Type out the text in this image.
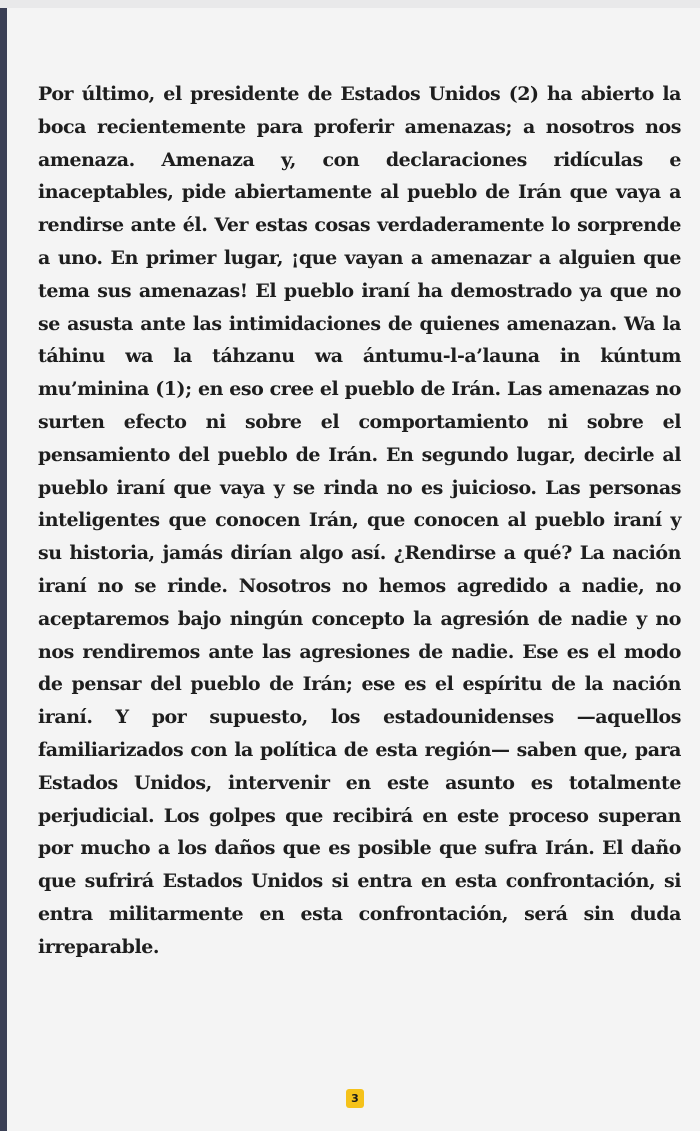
Por último, el presidente de Estados Unidos (2) ha abierto la boca recientemente para proferir amenazas; a nosotros nos amenaza. Amenaza y, con declaraciones ridículas e inaceptables, pide abiertamente al pueblo de Irán que vaya a rendirse ante él. Ver estas cosas verdaderamente lo sorprende a uno. En primer lugar, ¡que vayan a amenazar a alguien que tema sus amenazas! El pueblo iraní ha demostrado ya que no se asusta ante las intimidaciones de quienes amenazan. Wa la táhinu wa la táhzanu wa ántumu-l-a’launa in kúntum mu’minina (1); en eso cree el pueblo de Irán. Las amenazas no surten efecto ni sobre el comportamiento ni sobre el pensamiento del pueblo de Irán. En segundo lugar, decirle al pueblo iraní que vaya y se rinda no es juicioso. Las personas inteligentes que conocen Irán, que conocen al pueblo iraní y su historia, jamás dirían algo así. ¿Rendirse a qué? La nación iraní no se rinde. Nosotros no hemos agredido a nadie, no aceptaremos bajo ningún concepto la agresión de nadie y no nos rendiremos ante las agresiones de nadie. Ese es el modo de pensar del pueblo de Irán; ese es el espíritu de la nación iraní. Y por supuesto, los estadounidenses —aquellos familiarizados con la política de esta región— saben que, para Estados Unidos, intervenir en este asunto es totalmente perjudicial. Los golpes que recibirá en este proceso superan por mucho a los daños que es posible que sufra Irán. El daño que sufrirá Estados Unidos si entra en esta confrontación, si entra militarmente en esta confrontación, será sin duda irreparable.

3
